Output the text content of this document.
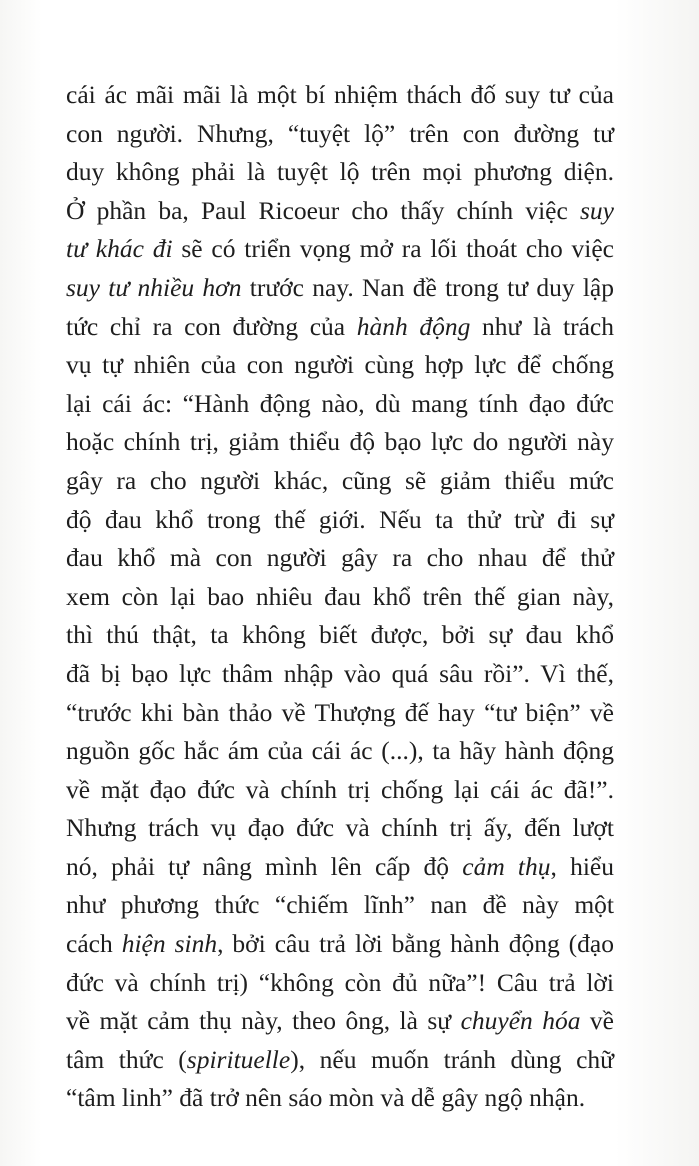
cái ác mãi mãi là một bí nhiệm thách đố suy tư của
con người. Nhưng, “tuyệt lộ” trên con đường tư
duy không phải là tuyệt lộ trên mọi phương diện.
Ở phần ba, Paul Ricoeur cho thấy chính việc suy
tư khác đi sẽ có triển vọng mở ra lối thoát cho việc
suy tư nhiều hơn trước nay. Nan đề trong tư duy lập
tức chỉ ra con đường của hành động như là trách
vụ tự nhiên của con người cùng hợp lực để chống
lại cái ác: “Hành động nào, dù mang tính đạo đức
hoặc chính trị, giảm thiểu độ bạo lực do người này
gây ra cho người khác, cũng sẽ giảm thiểu mức
độ đau khổ trong thế giới. Nếu ta thử trừ đi sự
đau khổ mà con người gây ra cho nhau để thử
xem còn lại bao nhiêu đau khổ trên thế gian này,
thì thú thật, ta không biết được, bởi sự đau khổ
đã bị bạo lực thâm nhập vào quá sâu rồi”. Vì thế,
“trước khi bàn thảo về Thượng đế hay “tư biện” về
nguồn gốc hắc ám của cái ác (...), ta hãy hành động
về mặt đạo đức và chính trị chống lại cái ác đã!”.
Nhưng trách vụ đạo đức và chính trị ấy, đến lượt
nó, phải tự nâng mình lên cấp độ cảm thụ, hiểu
như phương thức “chiếm lĩnh” nan đề này một
cách hiện sinh, bởi câu trả lời bằng hành động (đạo
đức và chính trị) “không còn đủ nữa”! Câu trả lời
về mặt cảm thụ này, theo ông, là sự chuyển hóa về
tâm thức (spirituelle), nếu muốn tránh dùng chữ
“tâm linh” đã trở nên sáo mòn và dễ gây ngộ nhận.
